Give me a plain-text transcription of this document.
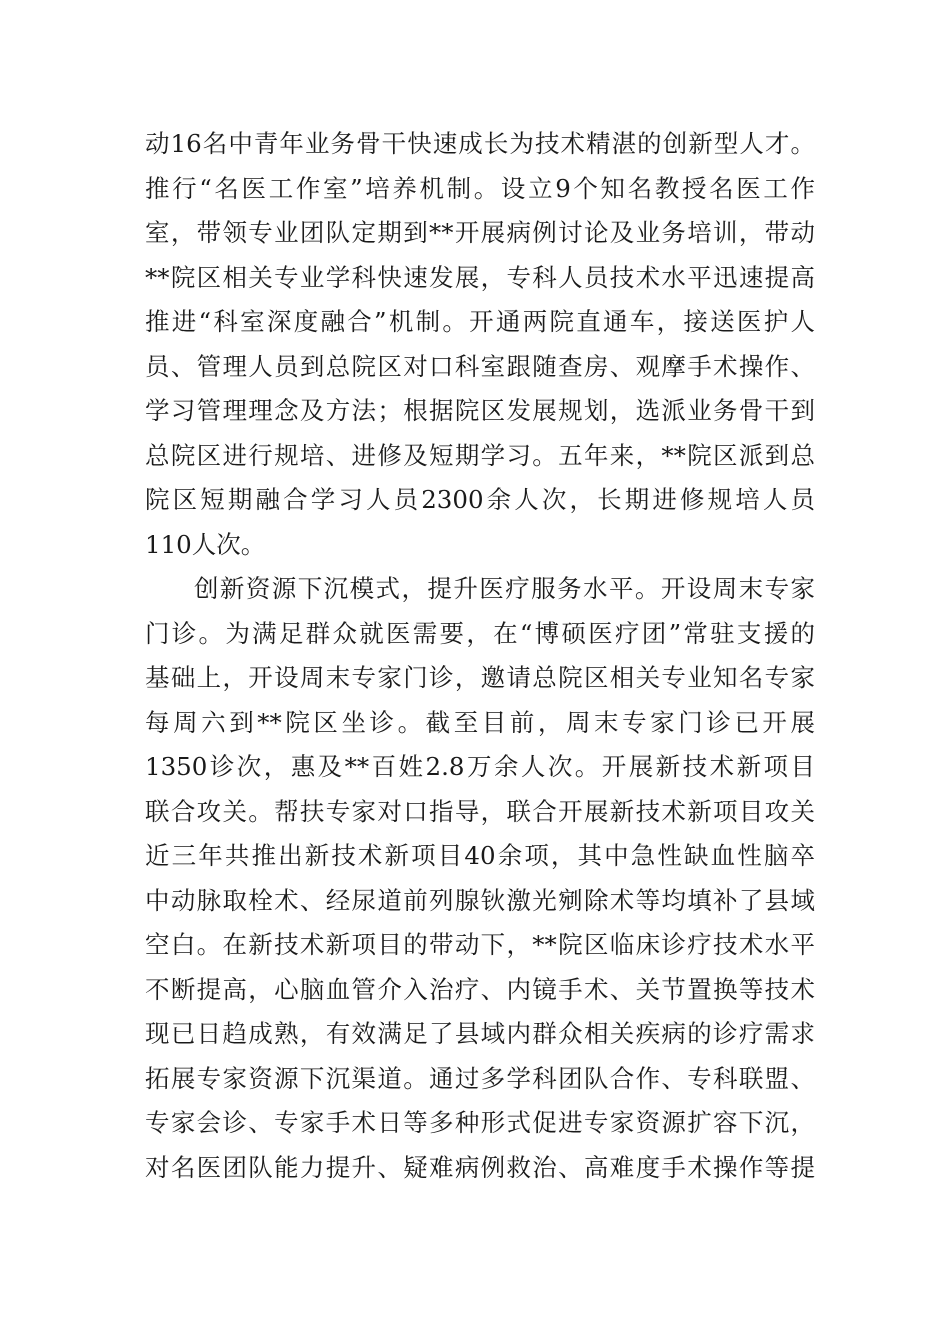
动16名中青年业务骨干快速成长为技术精湛的创新型人才。
推行“名医工作室”培养机制。设立9个知名教授名医工作
室，带领专业团队定期到**开展病例讨论及业务培训，带动
**院区相关专业学科快速发展，专科人员技术水平迅速提高
推进“科室深度融合”机制。开通两院直通车，接送医护人
员、管理人员到总院区对口科室跟随查房、观摩手术操作、
学习管理理念及方法；根据院区发展规划，选派业务骨干到
总院区进行规培、进修及短期学习。五年来，**院区派到总
院区短期融合学习人员2300余人次，长期进修规培人员
110人次。
创新资源下沉模式，提升医疗服务水平。开设周末专家
门诊。为满足群众就医需要，在“博硕医疗团”常驻支援的
基础上，开设周末专家门诊，邀请总院区相关专业知名专家
每周六到**院区坐诊。截至目前，周末专家门诊已开展
1350诊次，惠及**百姓2.8万余人次。开展新技术新项目
联合攻关。帮扶专家对口指导，联合开展新技术新项目攻关
近三年共推出新技术新项目40余项，其中急性缺血性脑卒
中动脉取栓术、经尿道前列腺钬激光剜除术等均填补了县域
空白。在新技术新项目的带动下，**院区临床诊疗技术水平
不断提高，心脑血管介入治疗、内镜手术、关节置换等技术
现已日趋成熟，有效满足了县域内群众相关疾病的诊疗需求
拓展专家资源下沉渠道。通过多学科团队合作、专科联盟、
专家会诊、专家手术日等多种形式促进专家资源扩容下沉，
对名医团队能力提升、疑难病例救治、高难度手术操作等提
